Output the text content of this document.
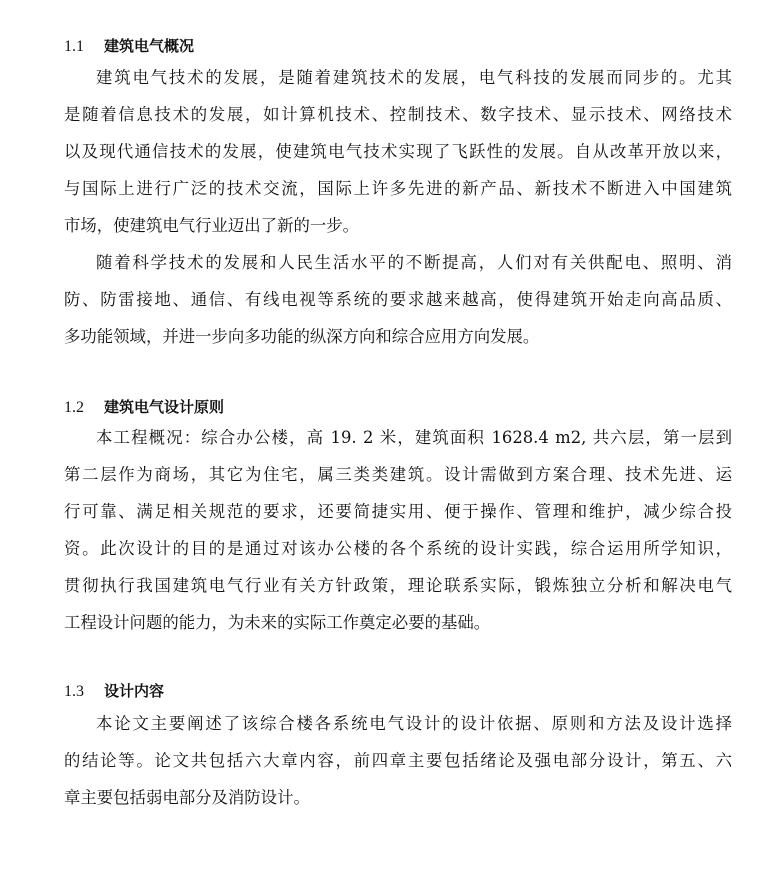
1.1 建筑电气概况
建筑电气技术的发展，是随着建筑技术的发展，电气科技的发展而同步的。尤其
是随着信息技术的发展，如计算机技术、控制技术、数字技术、显示技术、网络技术
以及现代通信技术的发展，使建筑电气技术实现了飞跃性的发展。自从改革开放以来，
与国际上进行广泛的技术交流，国际上许多先进的新产品、新技术不断进入中国建筑
市场，使建筑电气行业迈出了新的一步。
随着科学技术的发展和人民生活水平的不断提高，人们对有关供配电、照明、消
防、防雷接地、通信、有线电视等系统的要求越来越高，使得建筑开始走向高品质、
多功能领域，并进一步向多功能的纵深方向和综合应用方向发展。
1.2 建筑电气设计原则
本工程概况：综合办公楼，高 19. 2 米，建筑面积 1628.4 m2, 共六层，第一层到
第二层作为商场，其它为住宅，属三类类建筑。设计需做到方案合理、技术先进、运
行可靠、满足相关规范的要求，还要简捷实用、便于操作、管理和维护，减少综合投
资。此次设计的目的是通过对该办公楼的各个系统的设计实践，综合运用所学知识，
贯彻执行我国建筑电气行业有关方针政策，理论联系实际，锻炼独立分析和解决电气
工程设计问题的能力，为未来的实际工作奠定必要的基础。
1.3 设计内容
本论文主要阐述了该综合楼各系统电气设计的设计依据、原则和方法及设计选择
的结论等。论文共包括六大章内容，前四章主要包括绪论及强电部分设计，第五、六
章主要包括弱电部分及消防设计。
